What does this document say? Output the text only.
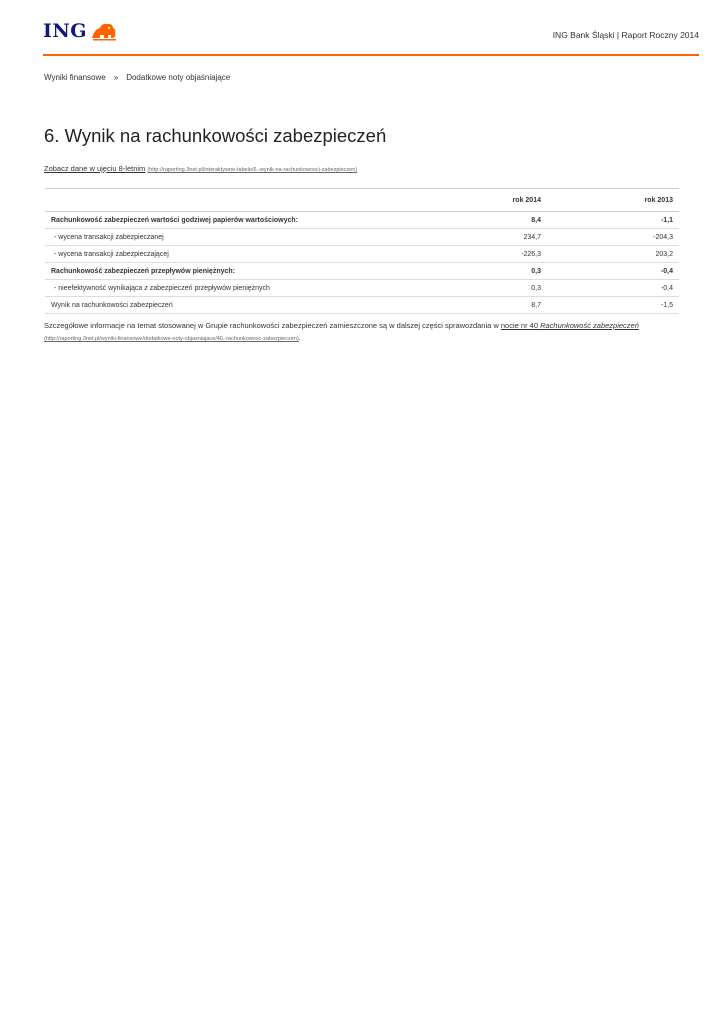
ING	ING Bank Śląski | Raport Roczny 2014
Wyniki finansowe » Dodatkowe noty objaśniające
6. Wynik na rachunkowości zabezpieczeń
Zobacz dane w ujęciu 8-letnim (http://raporting.3net.pl/interaktywne-tabele/6.-wynik-na-rachunkowosci-zabezpieczen)
	rok 2014	rok 2013
Rachunkowość zabezpieczeń wartości godziwej papierów wartościowych:	8,4	-1,1
- wycena transakcji zabezpieczanej	234,7	-204,3
- wycena transakcji zabezpieczającej	-226,3	203,2
Rachunkowość zabezpieczeń przepływów pieniężnych:	0,3	-0,4
- nieefektywność wynikająca z zabezpieczeń przepływów pieniężnych	0,3	-0,4
Wynik na rachunkowości zabezpieczeń	8,7	-1,5
Szczegółowe informacje na temat stosowanej w Grupie rachunkowości zabezpieczeń zamieszczone są w dalszej części sprawozdania w nocie nr 40 Rachunkowość zabezpieczeń
(http://raporting.3net.pl/wyniki-finansowe/dodatkowe-noty-objasniajace/40.-rachunkowosc-zabezpieczen).
